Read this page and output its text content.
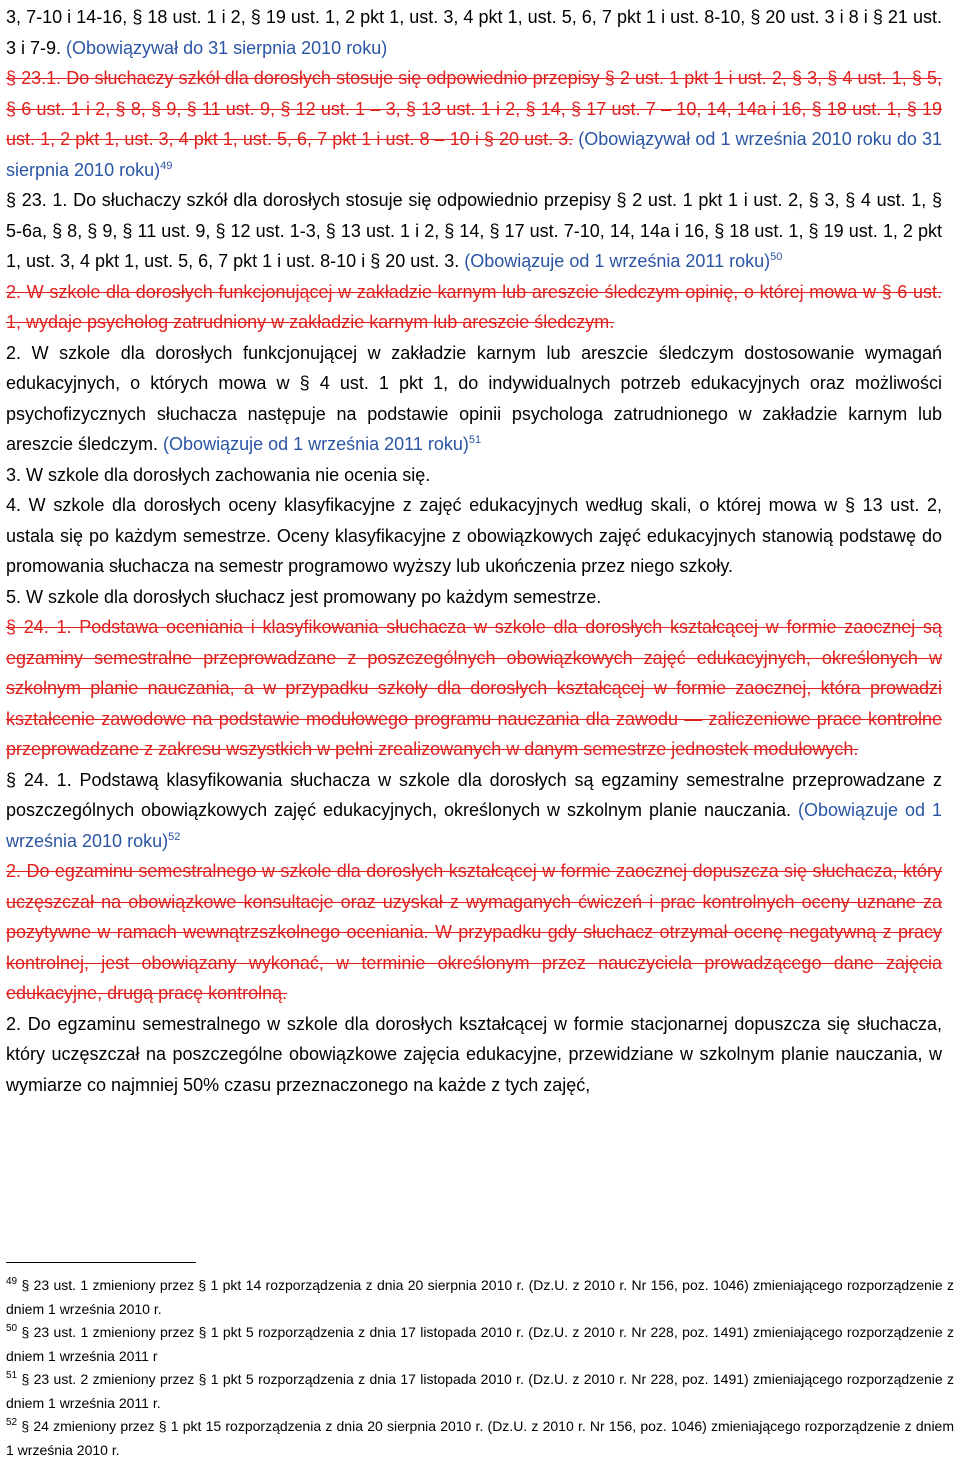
3, 7-10 i 14-16, § 18 ust. 1 i 2, § 19 ust. 1, 2 pkt 1, ust. 3, 4 pkt 1, ust. 5, 6, 7 pkt 1 i ust. 8-10, § 20 ust. 3 i 8 i § 21 ust. 3 i 7-9. (Obowiązywał do 31 sierpnia 2010 roku)

§ 23.1. Do słuchaczy szkół dla dorosłych stosuje się odpowiednio przepisy § 2 ust. 1 pkt 1 i ust. 2, § 3, § 4 ust. 1, § 5, § 6 ust. 1 i 2, § 8, § 9, § 11 ust. 9, § 12 ust. 1 – 3, § 13 ust. 1 i 2, § 14, § 17 ust. 7 – 10, 14, 14a i 16, § 18 ust. 1, § 19 ust. 1, 2 pkt 1, ust. 3, 4 pkt 1, ust. 5, 6, 7 pkt 1 i ust. 8 – 10 i § 20 ust. 3. (Obowiązywał od 1 września 2010 roku do 31 sierpnia 2010 roku)$^{49}$

§ 23. 1. Do słuchaczy szkół dla dorosłych stosuje się odpowiednio przepisy § 2 ust. 1 pkt 1 i ust. 2, § 3, § 4 ust. 1, § 5-6a, § 8, § 9, § 11 ust. 9, § 12 ust. 1-3, § 13 ust. 1 i 2, § 14, § 17 ust. 7-10, 14, 14a i 16, § 18 ust. 1, § 19 ust. 1, 2 pkt 1, ust. 3, 4 pkt 1, ust. 5, 6, 7 pkt 1 i ust. 8-10 i § 20 ust. 3. (Obowiązuje od 1 września 2011 roku)$^{50}$

2. W szkole dla dorosłych funkcjonującej w zakładzie karnym lub areszcie śledczym opinię, o której mowa w § 6 ust. 1, wydaje psycholog zatrudniony w zakładzie karnym lub areszcie śledczym.

2. W szkole dla dorosłych funkcjonującej w zakładzie karnym lub areszcie śledczym dostosowanie wymagań edukacyjnych, o których mowa w § 4 ust. 1 pkt 1, do indywidualnych potrzeb edukacyjnych oraz możliwości psychofizycznych słuchacza następuje na podstawie opinii psychologa zatrudnionego w zakładzie karnym lub areszcie śledczym. (Obowiązuje od 1 września 2011 roku)$^{51}$

3. W szkole dla dorosłych zachowania nie ocenia się.

4. W szkole dla dorosłych oceny klasyfikacyjne z zajęć edukacyjnych według skali, o której mowa w § 13 ust. 2, ustala się po każdym semestrze. Oceny klasyfikacyjne z obowiązkowych zajęć edukacyjnych stanowią podstawę do promowania słuchacza na semestr programowo wyższy lub ukończenia przez niego szkoły.

5. W szkole dla dorosłych słuchacz jest promowany po każdym semestrze.

§ 24. 1. Podstawa oceniania i klasyfikowania słuchacza w szkole dla dorosłych kształcącej w formie zaocznej są egzaminy semestralne przeprowadzane z poszczególnych obowiązkowych zajęć edukacyjnych, określonych w szkolnym planie nauczania, a w przypadku szkoły dla dorosłych kształcącej w formie zaocznej, która prowadzi kształcenie zawodowe na podstawie modułowego programu nauczania dla zawodu — zaliczeniowe prace kontrolne przeprowadzane z zakresu wszystkich w pełni zrealizowanych w danym semestrze jednostek modułowych.

§ 24. 1. Podstawą klasyfikowania słuchacza w szkole dla dorosłych są egzaminy semestralne przeprowadzane z poszczególnych obowiązkowych zajęć edukacyjnych, określonych w szkolnym planie nauczania. (Obowiązuje od 1 września 2010 roku)$^{52}$

2. Do egzaminu semestralnego w szkole dla dorosłych kształcącej w formie zaocznej dopuszcza się słuchacza, który uczęszczał na obowiązkowe konsultacje oraz uzyskał z wymaganych ćwiczeń i prac kontrolnych oceny uznane za pozytywne w ramach wewnątrzszkolnego oceniania. W przypadku gdy słuchacz otrzymał ocenę negatywną z pracy kontrolnej, jest obowiązany wykonać, w terminie określonym przez nauczyciela prowadzącego dane zajęcia edukacyjne, drugą pracę kontrolną.

2. Do egzaminu semestralnego w szkole dla dorosłych kształcącej w formie stacjonarnej dopuszcza się słuchacza, który uczęszczał na poszczególne obowiązkowe zajęcia edukacyjne, przewidziane w szkolnym planie nauczania, w wymiarze co najmniej 50% czasu przeznaczonego na każde z tych zajęć,

$^{49}$ § 23 ust. 1 zmieniony przez § 1 pkt 14 rozporządzenia z dnia 20 sierpnia 2010 r. (Dz.U. z 2010 r. Nr 156, poz. 1046) zmieniającego rozporządzenie z dniem 1 września 2010 r.

$^{50}$ § 23 ust. 1 zmieniony przez § 1 pkt 5 rozporządzenia z dnia 17 listopada 2010 r. (Dz.U. z 2010 r. Nr 228, poz. 1491) zmieniającego rozporządzenie z dniem 1 września 2011 r

$^{51}$ § 23 ust. 2 zmieniony przez § 1 pkt 5 rozporządzenia z dnia 17 listopada 2010 r. (Dz.U. z 2010 r. Nr 228, poz. 1491) zmieniającego rozporządzenie z dniem 1 września 2011 r.

$^{52}$ § 24 zmieniony przez § 1 pkt 15 rozporządzenia z dnia 20 sierpnia 2010 r. (Dz.U. z 2010 r. Nr 156, poz. 1046) zmieniającego rozporządzenie z dniem 1 września 2010 r.
